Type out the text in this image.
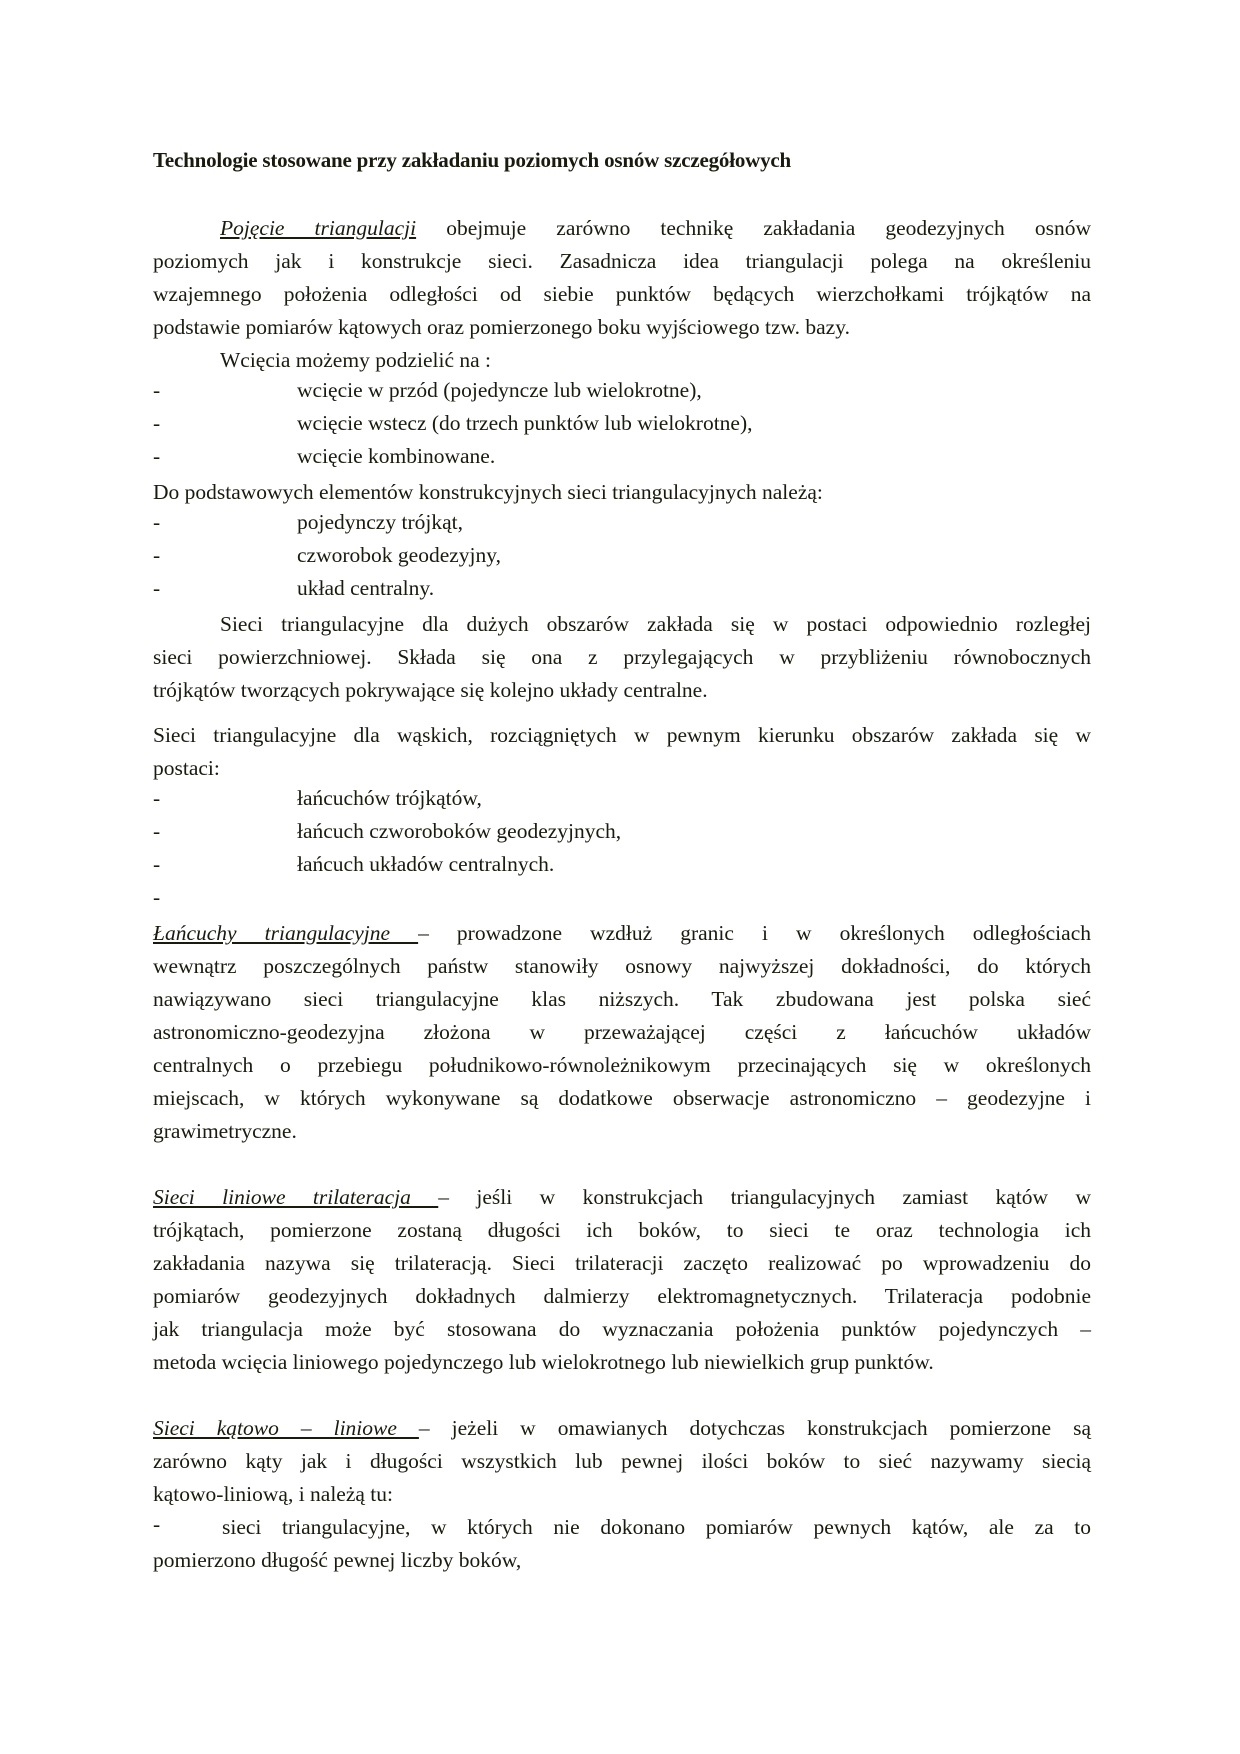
Technologie stosowane przy zakładaniu poziomych osnów szczegółowych
Pojęcie triangulacji obejmuje zarówno technikę zakładania geodezyjnych osnów
poziomych jak i konstrukcje sieci. Zasadnicza idea triangulacji polega na określeniu
wzajemnego położenia odległości od siebie punktów będących wierzchołkami trójkątów na
podstawie pomiarów kątowych oraz pomierzonego boku wyjściowego tzw. bazy.
Wcięcia możemy podzielić na :
-	wcięcie w przód (pojedyncze lub wielokrotne),
-	wcięcie wstecz (do trzech punktów lub wielokrotne),
-	wcięcie kombinowane.
Do podstawowych elementów konstrukcyjnych sieci triangulacyjnych należą:
-	pojedynczy trójkąt,
-	czworobok geodezyjny,
-	układ centralny.
Sieci triangulacyjne dla dużych obszarów zakłada się w postaci odpowiednio rozległej
sieci powierzchniowej. Składa się ona z przylegających w przybliżeniu równobocznych
trójkątów tworzących pokrywające się kolejno układy centralne.
Sieci triangulacyjne dla wąskich, rozciągniętych w pewnym kierunku obszarów zakłada się w
postaci:
-	łańcuchów trójkątów,
-	łańcuch czworoboków geodezyjnych,
-	łańcuch układów centralnych.
-
Łańcuchy triangulacyjne – prowadzone wzdłuż granic i w określonych odległościach
wewnątrz poszczególnych państw stanowiły osnowy najwyższej dokładności, do których
nawiązywano sieci triangulacyjne klas niższych. Tak zbudowana jest polska sieć
astronomiczno-geodezyjna złożona w przeważającej części z łańcuchów układów
centralnych o przebiegu południkowo-równoleżnikowym przecinających się w określonych
miejscach, w których wykonywane są dodatkowe obserwacje astronomiczno – geodezyjne i
grawimetryczne.
Sieci liniowe trilateracja – jeśli w konstrukcjach triangulacyjnych zamiast kątów w
trójkątach, pomierzone zostaną długości ich boków, to sieci te oraz technologia ich
zakładania nazywa się trilateracją. Sieci trilateracji zaczęto realizować po wprowadzeniu do
pomiarów geodezyjnych dokładnych dalmierzy elektromagnetycznych. Trilateracja podobnie
jak triangulacja może być stosowana do wyznaczania położenia punktów pojedynczych –
metoda wcięcia liniowego pojedynczego lub wielokrotnego lub niewielkich grup punktów.
Sieci kątowo – liniowe – jeżeli w omawianych dotychczas konstrukcjach pomierzone są
zarówno kąty jak i długości wszystkich lub pewnej ilości boków to sieć nazywamy siecią
kątowo-liniową, i należą tu:
-	sieci triangulacyjne, w których nie dokonano pomiarów pewnych kątów, ale za to
pomierzono długość pewnej liczby boków,
